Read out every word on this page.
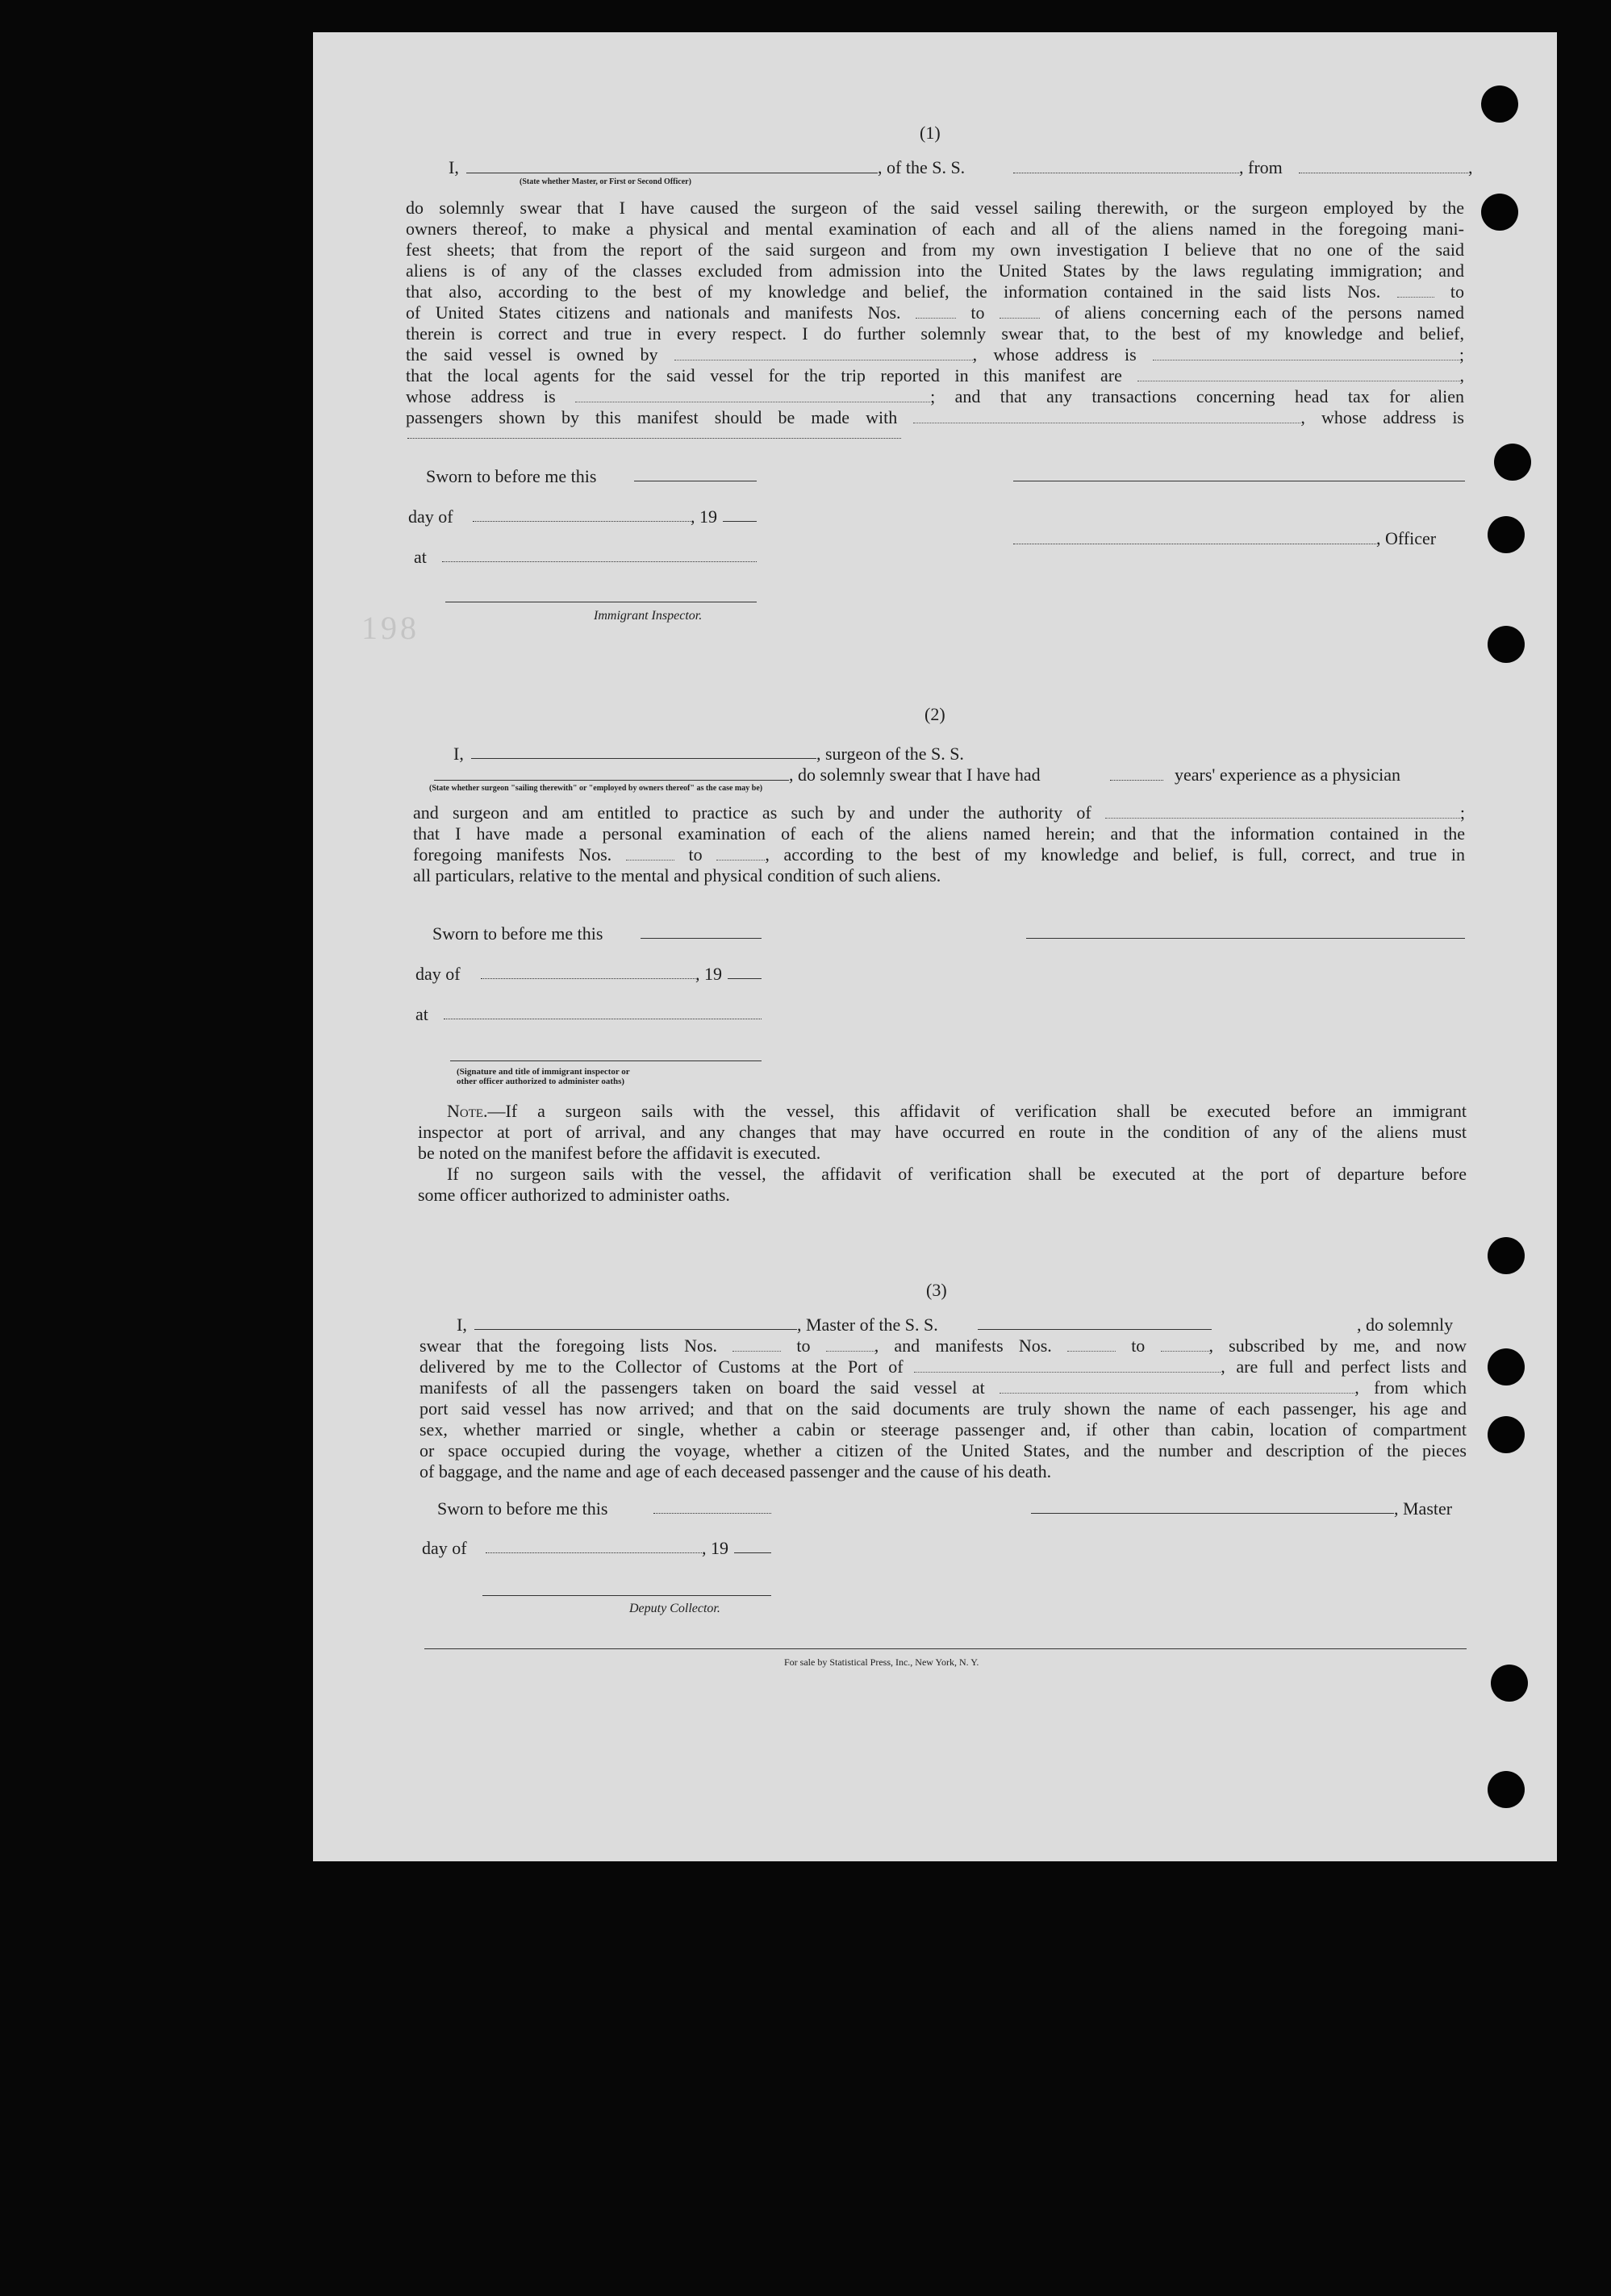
198
(1)
I,
(State whether Master, or First or Second Officer)
, of the S. S.	, from	,

do solemnly swear that I have caused the surgeon of the said vessel sailing therewith, or the surgeon employed by the

owners thereof, to make a physical and mental examination of each and all of the aliens named in the foregoing mani-

fest sheets; that from the report of the said surgeon and from my own investigation I believe that no one of the said

aliens is of any of the classes excluded from admission into the United States by the laws regulating immigration; and

that also, according to the best of my knowledge and belief, the information contained in the said lists Nos.	to

of United States citizens and nationals and manifests Nos.	to	of aliens concerning each of the persons named

therein is correct and true in every respect. I do further solemnly swear that, to the best of my knowledge and belief,

the said vessel is owned by	, whose address is	;

that the local agents for the said vessel for the trip reported in this manifest are	,

whose address is	; and that any transactions concerning head tax for alien

passengers shown by this manifest should be made with	, whose address is

Sworn to before me this
day of	, 19
, Officer
at
Immigrant Inspector.
(2)
I,	, surgeon of the S. S.
, do solemnly swear that I have had	years' experience as a physician
(State whether surgeon "sailing therewith" or "employed by owners thereof" as the case may be)

and surgeon and am entitled to practice as such by and under the authority of	;

that I have made a personal examination of each of the aliens named herein; and that the information contained in the

foregoing manifests Nos.	to	, according to the best of my knowledge and belief, is full, correct, and true in

all particulars, relative to the mental and physical condition of such aliens.

Sworn to before me this
day of	, 19
at
(Signature and title of immigrant inspector or
other officer authorized to administer oaths)

Note.—If a surgeon sails with the vessel, this affidavit of verification shall be executed before an immigrant

inspector at port of arrival, and any changes that may have occurred en route in the condition of any of the aliens must

be noted on the manifest before the affidavit is executed.

If no surgeon sails with the vessel, the affidavit of verification shall be executed at the port of departure before

some officer authorized to administer oaths.

(3)
I,	, Master of the S. S.	, do solemnly

swear that the foregoing lists Nos.	to	, and manifests Nos.	to	, subscribed by me, and now

delivered by me to the Collector of Customs at the Port of	, are full and perfect lists and

manifests of all the passengers taken on board the said vessel at	, from which

port said vessel has now arrived; and that on the said documents are truly shown the name of each passenger, his age and

sex, whether married or single, whether a cabin or steerage passenger and, if other than cabin, location of compartment

or space occupied during the voyage, whether a citizen of the United States, and the number and description of the pieces

of baggage, and the name and age of each deceased passenger and the cause of his death.

Sworn to before me this	, Master
day of	, 19
Deputy Collector.
For sale by Statistical Press, Inc., New York, N. Y.
